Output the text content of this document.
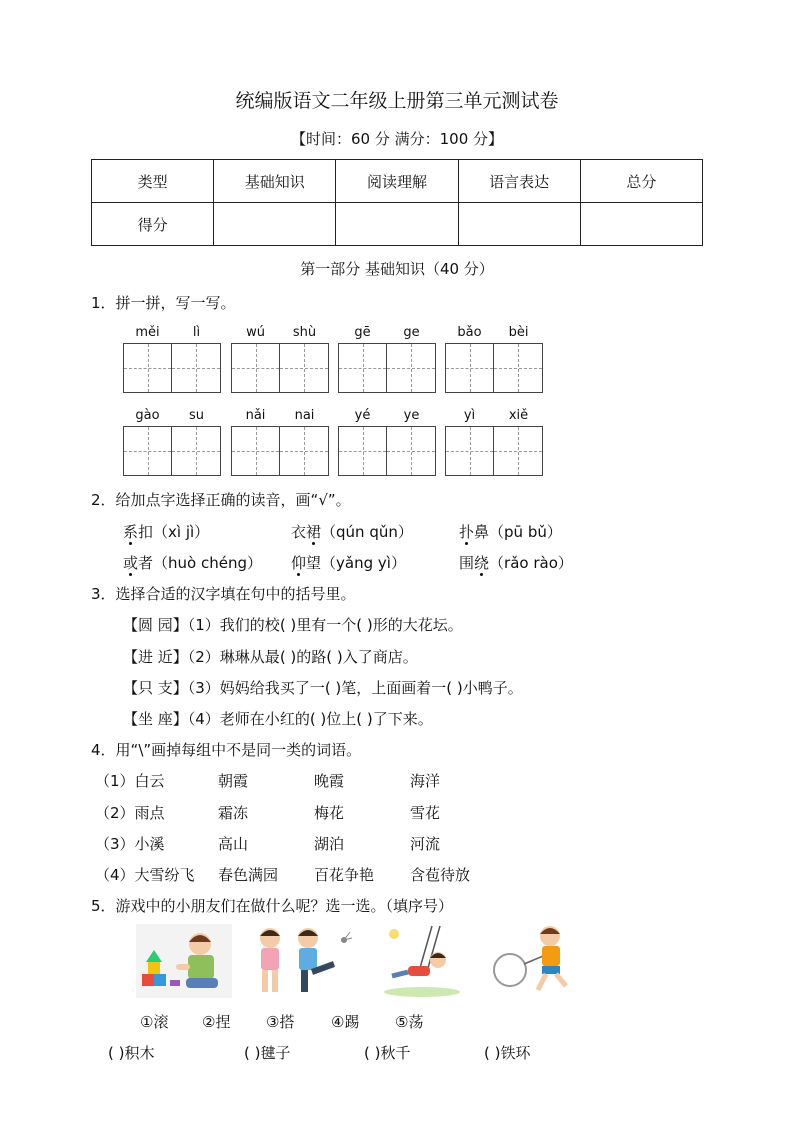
统编版语文二年级上册第三单元测试卷
【时间：60 分 满分：100 分】
类型	基础知识	阅读理解	语言表达	总分
得分				
第一部分 基础知识（40 分）
1．拼一拼，写一写。
měi	lì	wú	shù	gē	ge	bǎo	bèi
gào	su	nǎi	nai	yé	ye	yì	xiě
2．给加点字选择正确的读音，画“√”。
系扣（xì jì）	衣裙（qún qǔn）	扑鼻（pū bǔ）
或者（huò chéng） 仰望（yǎng yì）	围绕（rǎo rào）
3．选择合适的汉字填在句中的括号里。
【圆 园】（1）我们的校( )里有一个( )形的大花坛。
【进 近】（2）琳琳从最( )的路( )入了商店。
【只 支】（3）妈妈给我买了一( )笔，上面画着一( )小鸭子。
【坐 座】（4）老师在小红的( )位上( )了下来。
4．用“\”画掉每组中不是同一类的词语。
（1）白云	朝霞	晚霞	海洋
（2）雨点	霜冻	梅花	雪花
（3）小溪	高山	湖泊	河流
（4）大雪纷飞 春色满园 百花争艳 含苞待放
5．游戏中的小朋友们在做什么呢？选一选。（填序号）
①滚 ②捏 ③搭 ④踢 ⑤荡
( )积木	( )毽子	( )秋千	( )铁环
